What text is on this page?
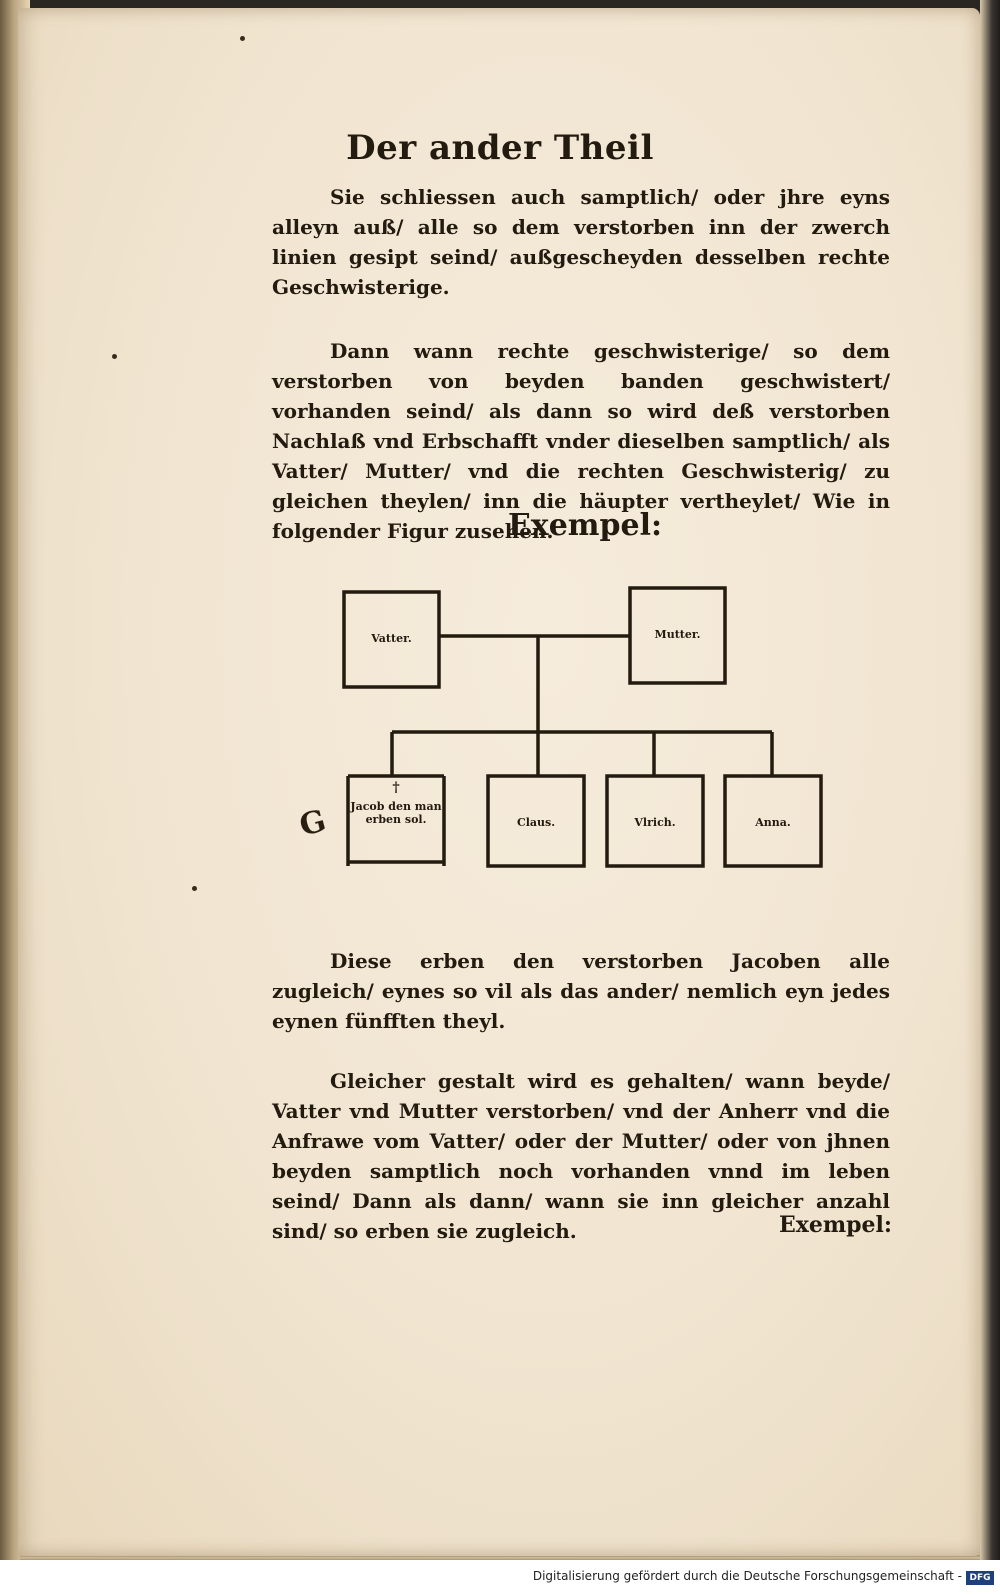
Der ander Theil
Sie schliessen auch samptlich/ oder jhre eyns alleyn auß/ alle so dem verstorben inn der zwerch linien gesipt seind/ außgescheyden desselben rechte Geschwisterige.
Dann wann rechte geschwisterige/ so dem verstorben von beyden banden geschwistert/ vorhanden seind/ als dann so wird deß verstorben Nachlaß vnd Erbschafft vnder dieselben samptlich/ als Vatter/ Mutter/ vnd die rechten Geschwisterig/ zu gleichen theylen/ inn die häupter vertheylet/ Wie in folgender Figur zusehen.
Exempel:
Vatter.	Mutter.
†
Jacob den man erben sol.	Claus.	Vlrich.	Anna.
G
Diese erben den verstorben Jacoben alle zugleich/ eynes so vil als das ander/ nemlich eyn jedes eynen fünfften theyl.
Gleicher gestalt wird es gehalten/ wann beyde/ Vatter vnd Mutter verstorben/ vnd der Anherr vnd die Anfrawe vom Vatter/ oder der Mutter/ oder von jhnen beyden samptlich noch vorhanden vnnd im leben seind/ Dann als dann/ wann sie inn gleicher anzahl sind/ so erben sie zugleich.	Exempel:
Digitalisierung gefördert durch die Deutsche Forschungsgemeinschaft - DFG
